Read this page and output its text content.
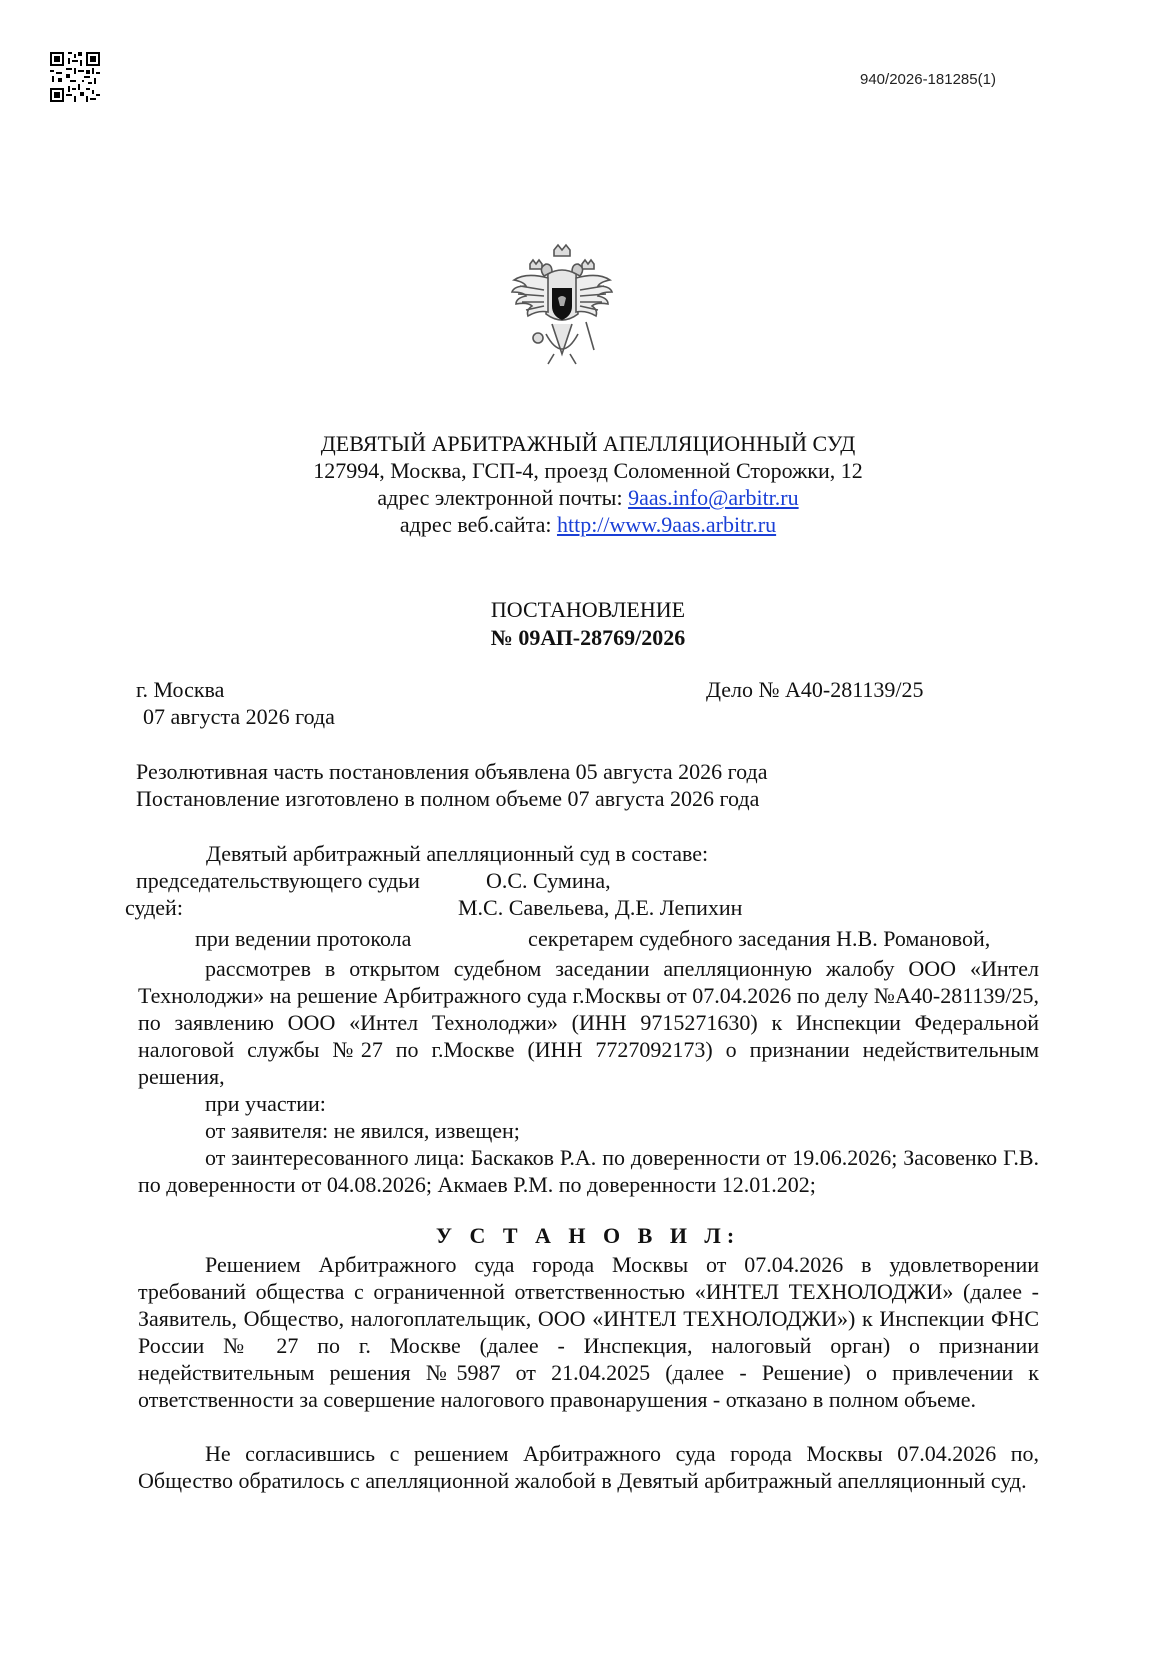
940/2026-181285(1)
ДЕВЯТЫЙ АРБИТРАЖНЫЙ АПЕЛЛЯЦИОННЫЙ СУД
127994, Москва, ГСП-4, проезд Соломенной Сторожки, 12
адрес электронной почты: 9aas.info@arbitr.ru
адрес веб.сайта: http://www.9aas.arbitr.ru
ПОСТАНОВЛЕНИЕ
№ 09АП-28769/2026
г. Москва	Дело № А40-281139/25
07 августа 2026 года
Резолютивная часть постановления объявлена 05 августа 2026 года
Постановление изготовлено в полном объеме 07 августа 2026 года
Девятый арбитражный апелляционный суд в составе:
председательствующего судьи	О.С. Сумина,
судей:	М.С. Савельева, Д.Е. Лепихин
при ведении протокола	секретарем судебного заседания Н.В. Романовой,
рассмотрев в открытом судебном заседании апелляционную жалобу ООО «Интел Технолоджи» на решение Арбитражного суда г.Москвы от 07.04.2026 по делу №А40-281139/25, по заявлению ООО «Интел Технолоджи» (ИНН 9715271630) к Инспекции Федеральной налоговой службы №27 по г.Москве (ИНН 7727092173) о признании недействительным решения,
при участии:
от заявителя: не явился, извещен;
от заинтересованного лица: Баскаков Р.А. по доверенности от 19.06.2026; Засовенко Г.В. по доверенности от 04.08.2026; Акмаев Р.М. по доверенности 12.01.202;
У С Т А Н О В И Л:
Решением Арбитражного суда города Москвы от 07.04.2026 в удовлетворении требований общества с ограниченной ответственностью «ИНТЕЛ ТЕХНОЛОДЖИ» (далее - Заявитель, Общество, налогоплательщик, ООО «ИНТЕЛ ТЕХНОЛОДЖИ») к Инспекции ФНС России № 27 по г. Москве (далее - Инспекция, налоговый орган) о признании недействительным решения №5987 от 21.04.2025 (далее - Решение) о привлечении к ответственности за совершение налогового правонарушения - отказано в полном объеме.
Не согласившись с решением Арбитражного суда города Москвы 07.04.2026 по, Общество обратилось с апелляционной жалобой в Девятый арбитражный апелляционный суд.
